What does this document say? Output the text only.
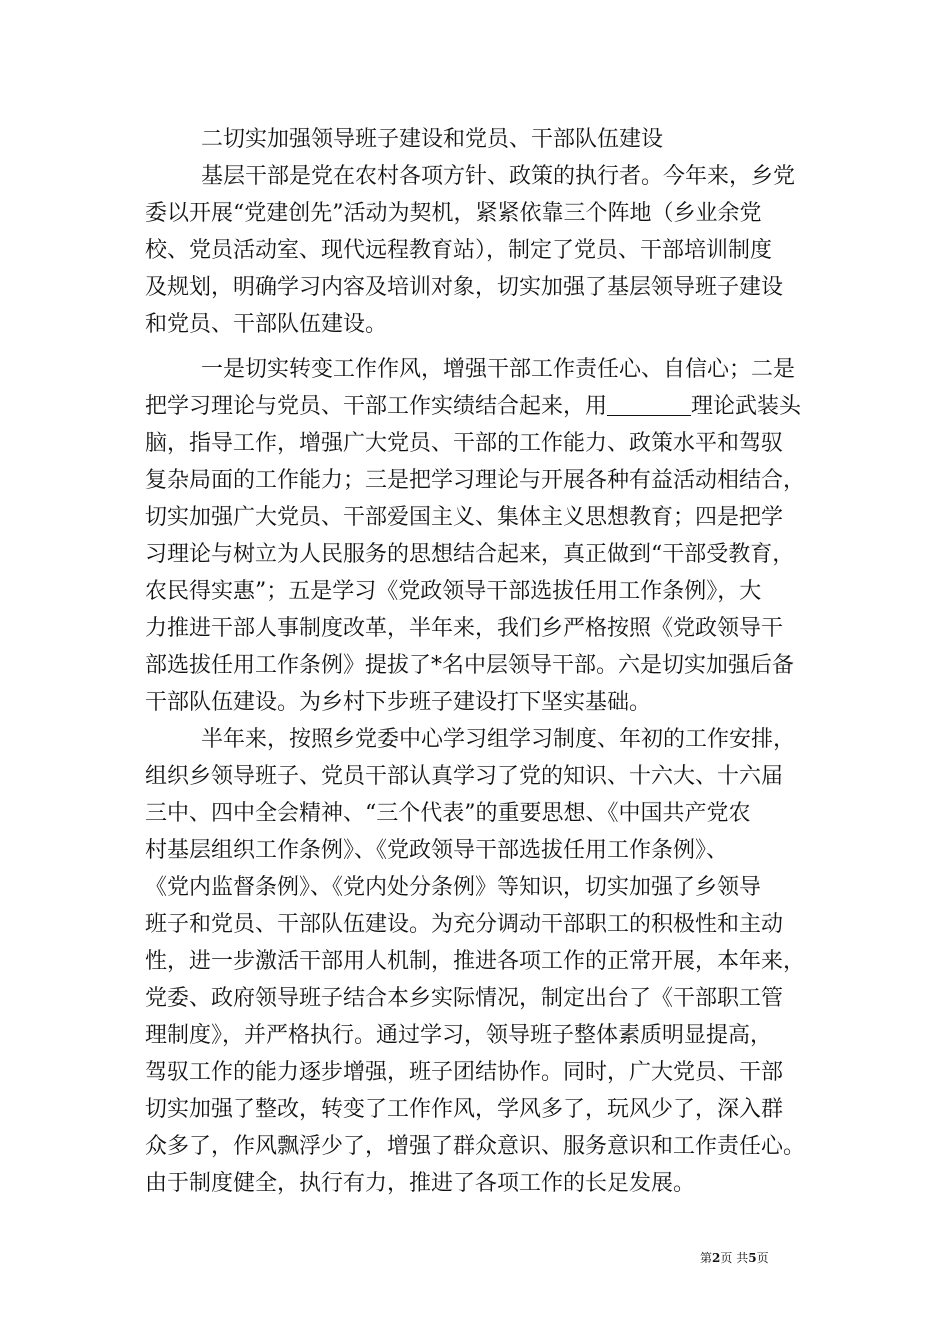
二切实加强领导班子建设和党员、干部队伍建设
基层干部是党在农村各项方针、政策的执行者。今年来，乡党
委以开展“党建创先”活动为契机，紧紧依靠三个阵地（乡业余党
校、党员活动室、现代远程教育站），制定了党员、干部培训制度
及规划，明确学习内容及培训对象，切实加强了基层领导班子建设
和党员、干部队伍建设。
一是切实转变工作作风，增强干部工作责任心、自信心；二是
把学习理论与党员、干部工作实绩结合起来，用	理论武装头
脑，指导工作，增强广大党员、干部的工作能力、政策水平和驾驭
复杂局面的工作能力；三是把学习理论与开展各种有益活动相结合，
切实加强广大党员、干部爱国主义、集体主义思想教育；四是把学
习理论与树立为人民服务的思想结合起来，真正做到“干部受教育，
农民得实惠”；五是学习《党政领导干部选拔任用工作条例》，大
力推进干部人事制度改革，半年来，我们乡严格按照《党政领导干
部选拔任用工作条例》提拔了*名中层领导干部。六是切实加强后备
干部队伍建设。为乡村下步班子建设打下坚实基础。
半年来，按照乡党委中心学习组学习制度、年初的工作安排，
组织乡领导班子、党员干部认真学习了党的知识、十六大、十六届
三中、四中全会精神、“三个代表”的重要思想、《中国共产党农
村基层组织工作条例》、《党政领导干部选拔任用工作条例》、
《党内监督条例》、《党内处分条例》等知识，切实加强了乡领导
班子和党员、干部队伍建设。为充分调动干部职工的积极性和主动
性，进一步激活干部用人机制，推进各项工作的正常开展，本年来，
党委、政府领导班子结合本乡实际情况，制定出台了《干部职工管
理制度》，并严格执行。通过学习，领导班子整体素质明显提高，
驾驭工作的能力逐步增强，班子团结协作。同时，广大党员、干部
切实加强了整改，转变了工作作风，学风多了，玩风少了，深入群
众多了，作风飘浮少了，增强了群众意识、服务意识和工作责任心。
由于制度健全，执行有力，推进了各项工作的长足发展。
第2页 共5页
